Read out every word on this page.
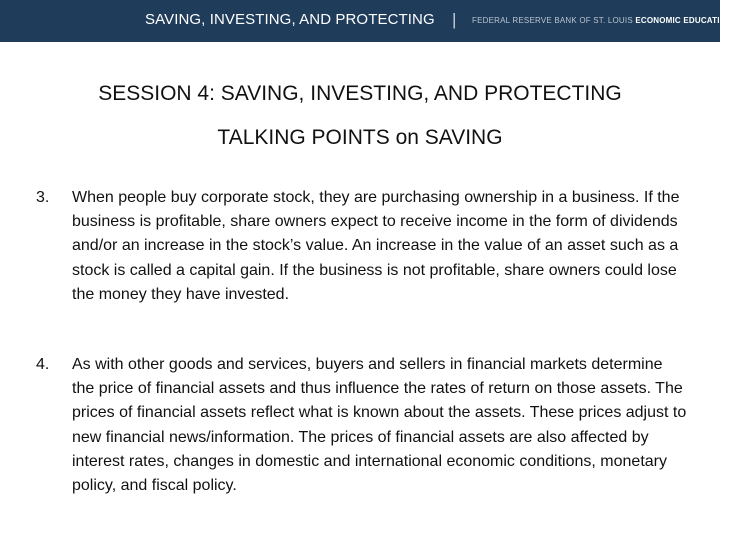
SAVING, INVESTING, AND PROTECTING | FEDERAL RESERVE BANK OF ST. LOUIS ECONOMIC EDUCATION
SESSION 4: SAVING, INVESTING, AND PROTECTING
TALKING POINTS on SAVING
3. When people buy corporate stock, they are purchasing ownership in a business. If the business is profitable, share owners expect to receive income in the form of dividends and/or an increase in the stock’s value. An increase in the value of an asset such as a stock is called a capital gain. If the business is not profitable, share owners could lose the money they have invested.
4. As with other goods and services, buyers and sellers in financial markets determine the price of financial assets and thus influence the rates of return on those assets. The prices of financial assets reflect what is known about the assets. These prices adjust to new financial news/information. The prices of financial assets are also affected by interest rates, changes in domestic and international economic conditions, monetary policy, and fiscal policy.
